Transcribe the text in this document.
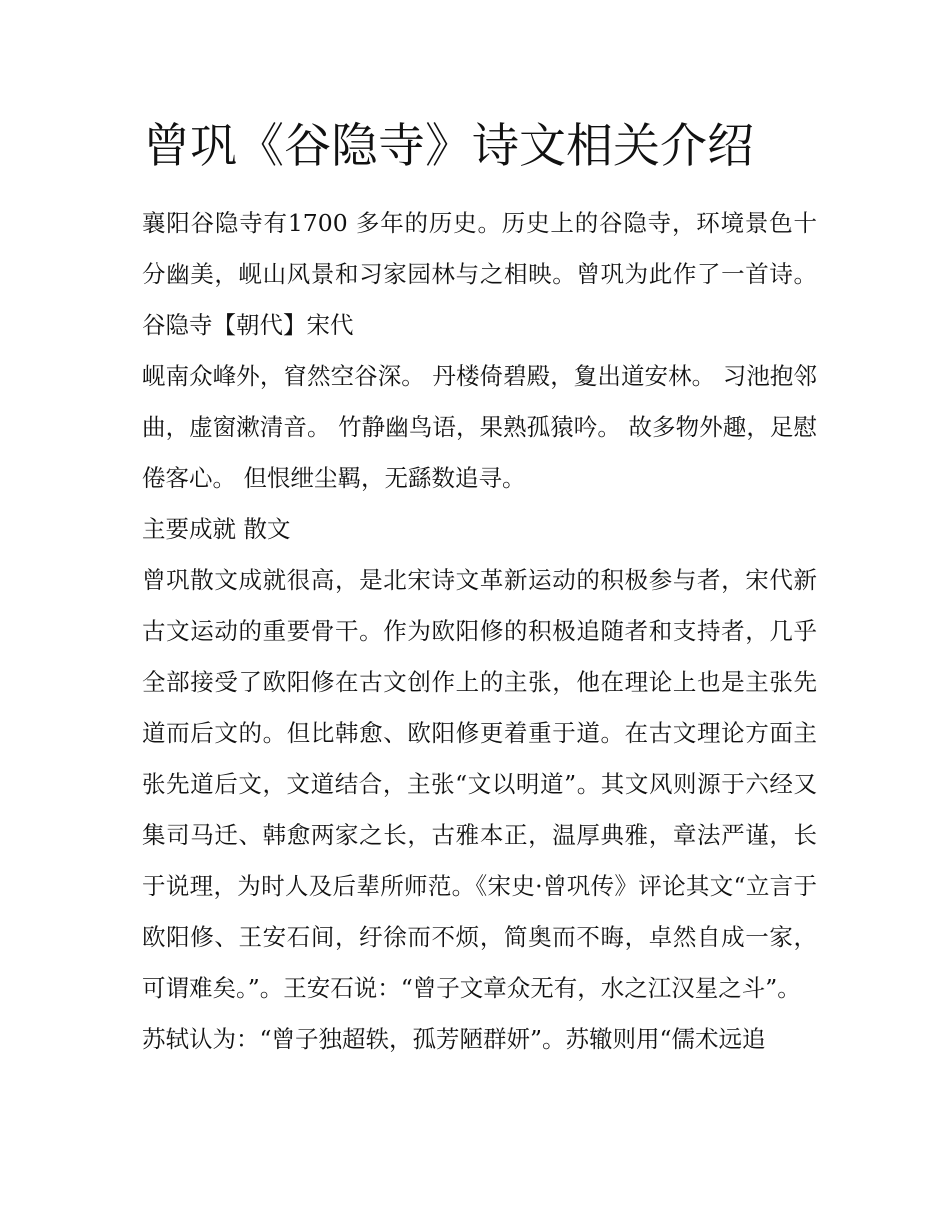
曾巩《谷隐寺》诗文相关介绍

襄阳谷隐寺有1700 多年的历史。历史上的谷隐寺，环境景色十分幽美，岘山风景和习家园林与之相映。曾巩为此作了一首诗。 谷隐寺【朝代】宋代

岘南众峰外，窅然空谷深。 丹楼倚碧殿，夐出道安林。 习池抱邻曲，虚窗漱清音。 竹静幽鸟语，果熟孤猿吟。 故多物外趣，足慰倦客心。 但恨绁尘羁，无繇数追寻。

主要成就 散文

曾巩散文成就很高，是北宋诗文革新运动的积极参与者，宋代新古文运动的重要骨干。作为欧阳修的积极追随者和支持者，几乎全部接受了欧阳修在古文创作上的主张，他在理论上也是主张先道而后文的。但比韩愈、欧阳修更着重于道。在古文理论方面主张先道后文，文道结合，主张“文以明道”。其文风则源于六经又集司马迁、韩愈两家之长，古雅本正，温厚典雅，章法严谨，长于说理，为时人及后辈所师范。《宋史·曾巩传》评论其文“立言于欧阳修、王安石间，纡徐而不烦，简奥而不晦，卓然自成一家，可谓难矣。”。王安石说：“曾子文章众无有，水之江汉星之斗”。

苏轼认为：“曾子独超轶，孤芳陋群妍”。苏辙则用“儒术远追
